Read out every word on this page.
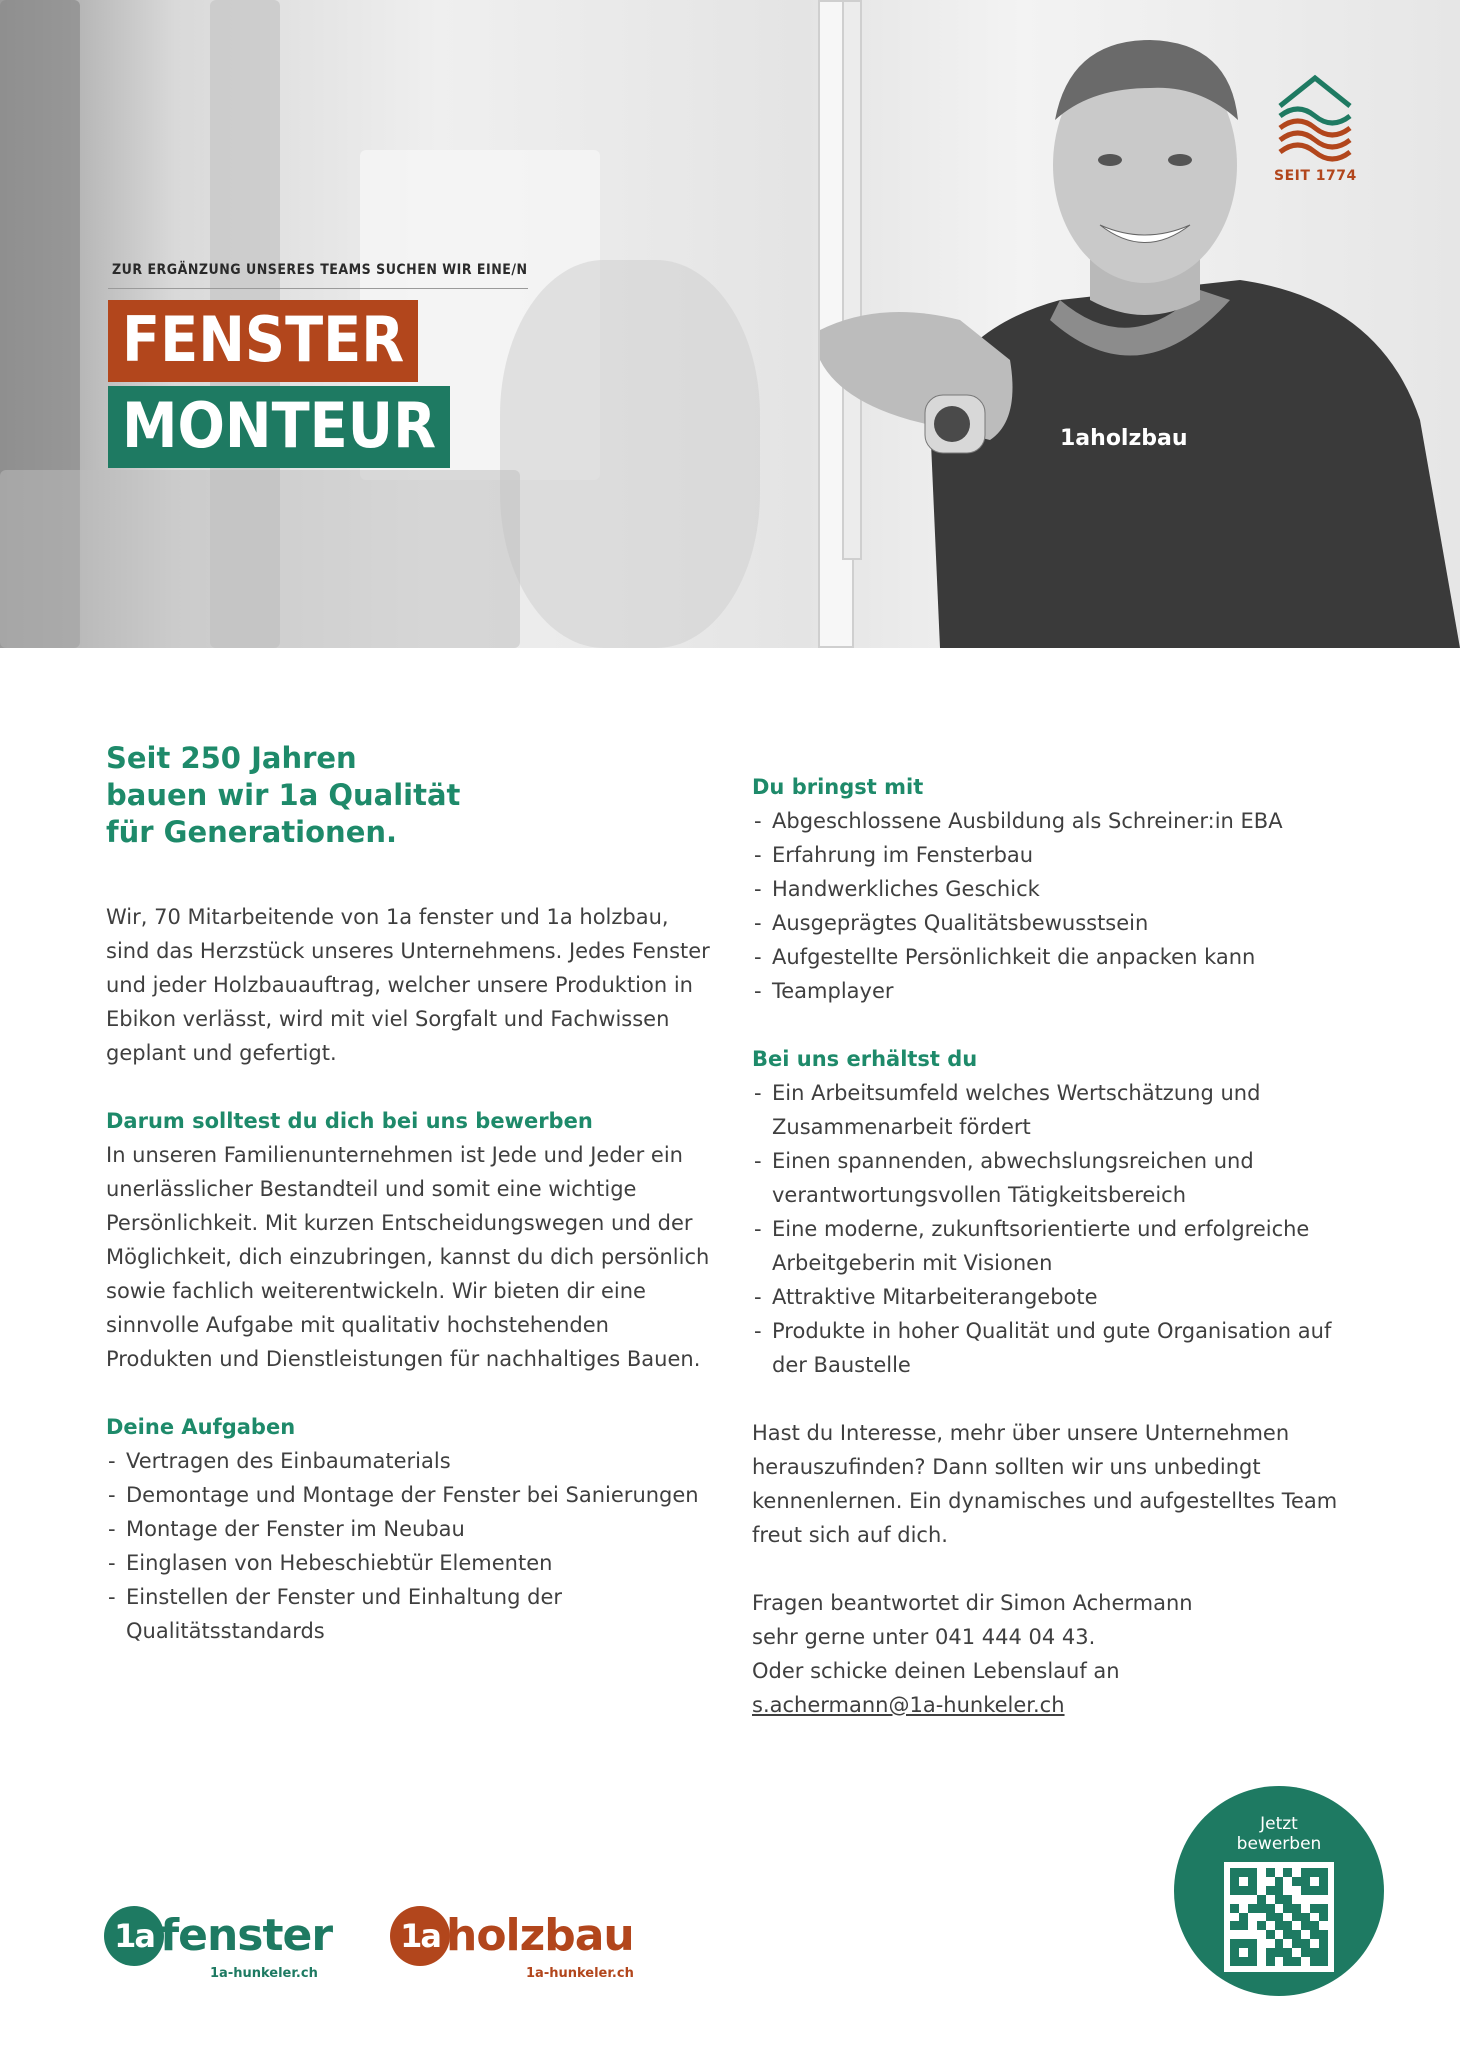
1aholzbau
ZUR ERGÄNZUNG UNSERES TEAMS SUCHEN WIR EINE/N
FENSTER
MONTEUR
SEIT 1774
Seit 250 Jahren
bauen wir 1a Qualität
für Generationen.

Wir, 70 Mitarbeitende von 1a fenster und 1a holzbau, sind das Herzstück unseres Unternehmens. Jedes Fenster und jeder Holzbauauftrag, welcher unsere Produktion in Ebikon verlässt, wird mit viel Sorgfalt und Fachwissen geplant und gefertigt.

Darum solltest du dich bei uns bewerben

In unseren Familienunternehmen ist Jede und Jeder ein unerlässlicher Bestandteil und somit eine wichtige Persönlichkeit. Mit kurzen Entscheidungswegen und der Möglichkeit, dich einzubringen, kannst du dich persönlich sowie fachlich weiterentwickeln. Wir bieten dir eine sinnvolle Aufgabe mit qualitativ hochstehenden Produkten und Dienstleistungen für nachhaltiges Bauen.

Deine Aufgaben
- Vertragen des Einbaumaterials
- Demontage und Montage der Fenster bei Sanierungen
- Montage der Fenster im Neubau
- Einglasen von Hebeschiebtür Elementen
- Einstellen der Fenster und Einhaltung der Qualitätsstandards
Du bringst mit
- Abgeschlossene Ausbildung als Schreiner:in EBA
- Erfahrung im Fensterbau
- Handwerkliches Geschick
- Ausgeprägtes Qualitätsbewusstsein
- Aufgestellte Persönlichkeit die anpacken kann
- Teamplayer
Bei uns erhältst du
- Ein Arbeitsumfeld welches Wertschätzung und Zusammenarbeit fördert
- Einen spannenden, abwechslungsreichen und verantwortungsvollen Tätigkeitsbereich
- Eine moderne, zukunftsorientierte und erfolgreiche Arbeitgeberin mit Visionen
- Attraktive Mitarbeiterangebote
- Produkte in hoher Qualität und gute Organisation auf der Baustelle

Hast du Interesse, mehr über unsere Unternehmen herauszufinden? Dann sollten wir uns unbedingt kennenlernen. Ein dynamisches und aufgestelltes Team freut sich auf dich.

Fragen beantwortet dir Simon Achermann
sehr gerne unter 041 444 04 43.
Oder schicke deinen Lebenslauf an
s.achermann@1a-hunkeler.ch
Jetzt
bewerben
1a fenster
1a-hunkeler.ch
1a holzbau
1a-hunkeler.ch
